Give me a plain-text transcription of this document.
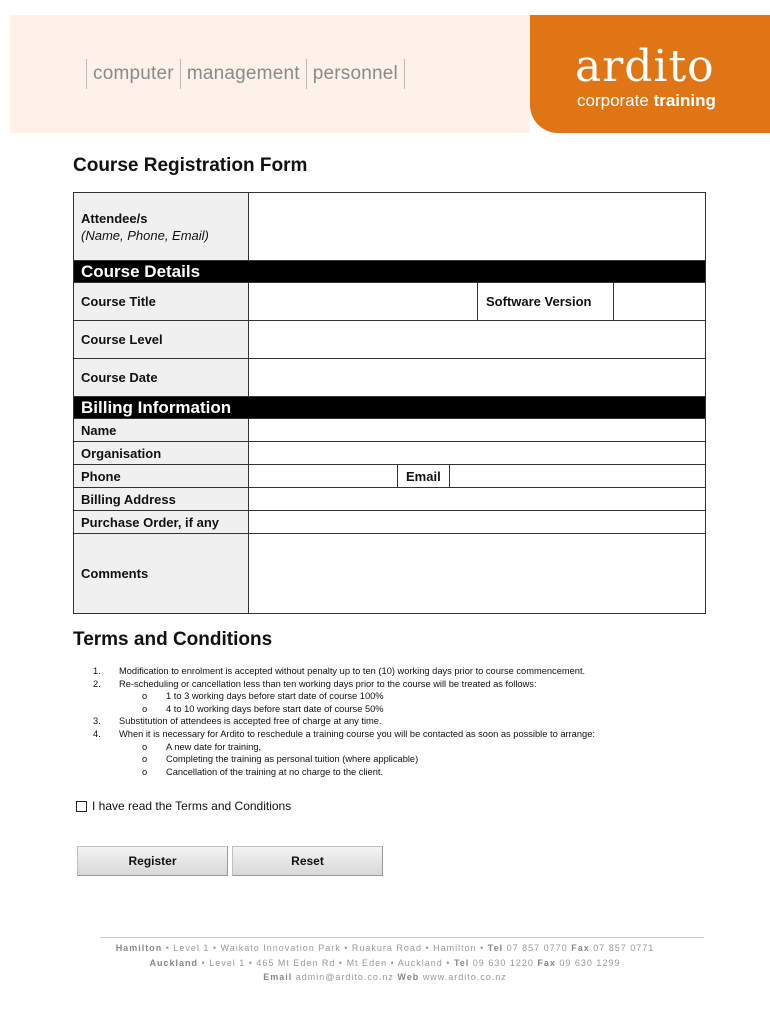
computer management personnel	ardito
corporate training
Course Registration Form
Attendee/s
(Name, Phone, Email)
Course Details
Course Title	Software Version
Course Level
Course Date
Billing Information
Name
Organisation
Phone	Email
Billing Address
Purchase Order, if any
Comments
Terms and Conditions
1.	Modification to enrolment is accepted without penalty up to ten (10) working days prior to course commencement.
2.	Re-scheduling or cancellation less than ten working days prior to the course will be treated as follows:
o	1 to 3 working days before start date of course 100%
o	4 to 10 working days before start date of course 50%
3.	Substitution of attendees is accepted free of charge at any time.
4.	When it is necessary for Ardito to reschedule a training course you will be contacted as soon as possible to arrange:
o	A new date for training,
o	Completing the training as personal tuition (where applicable)
o	Cancellation of the training at no charge to the client.
I have read the Terms and Conditions
Register	Reset
Hamilton • Level 1 • Waikato Innovation Park • Ruakura Road • Hamilton • Tel 07 857 0770 Fax 07 857 0771
Auckland • Level 1 • 465 Mt Eden Rd • Mt Eden • Auckland • Tel 09 630 1220 Fax 09 630 1299
Email admin@ardito.co.nz Web www.ardito.co.nz
